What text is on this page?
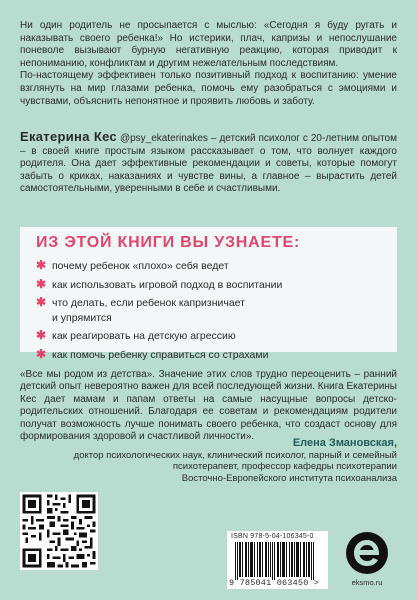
Ни один родитель не просыпается с мыслью: «Сегодня я буду ругать и наказывать своего ребенка!» Но истерики, плач, капризы и непослушание поневоле вызывают бурную негативную реакцию, которая приводит к непониманию, конфликтам и другим нежелательным последствиям.

По-настоящему эффективен только позитивный подход к воспитанию: умение взглянуть на мир глазами ребенка, помочь ему разобраться с эмоциями и чувствами, объяснить непонятное и проявить любовь и заботу.

Екатерина Кес @psy_ekaterinakes – детский психолог с 20-летним опытом – в своей книге простым языком рассказывает о том, что волнует каждого родителя. Она дает эффективные рекомендации и советы, которые помогут забыть о криках, наказаниях и чувстве вины, а главное – вырастить детей самостоятельными, уверенными в себе и счастливыми.
ИЗ ЭТОЙ КНИГИ ВЫ УЗНАЕТЕ:
✱ почему ребенок «плохо» себя ведет
✱ как использовать игровой подход в воспитании
✱ что делать, если ребенок капризничает
и упрямится
✱ как реагировать на детскую агрессию
✱ как помочь ребенку справиться со страхами

«Все мы родом из детства». Значение этих слов трудно переоценить – ранний детский опыт невероятно важен для всей последующей жизни. Книга Екатерины Кес дает мамам и папам ответы на самые насущные вопросы детско-родительских отношений. Благодаря ее советам и рекомендациям родители получат возможность лучше понимать своего ребенка, что создаст основу для формирования здоровой и счастливой личности».

Елена Змановская,
доктор психологических наук, клинический психолог, парный и семейный
психотерапевт, профессор кафедры психотерапии
Восточно-Европейского института психоанализа
ISBN 978-5-04-106345-0
9 785041 063450 >	eksmo.ru
